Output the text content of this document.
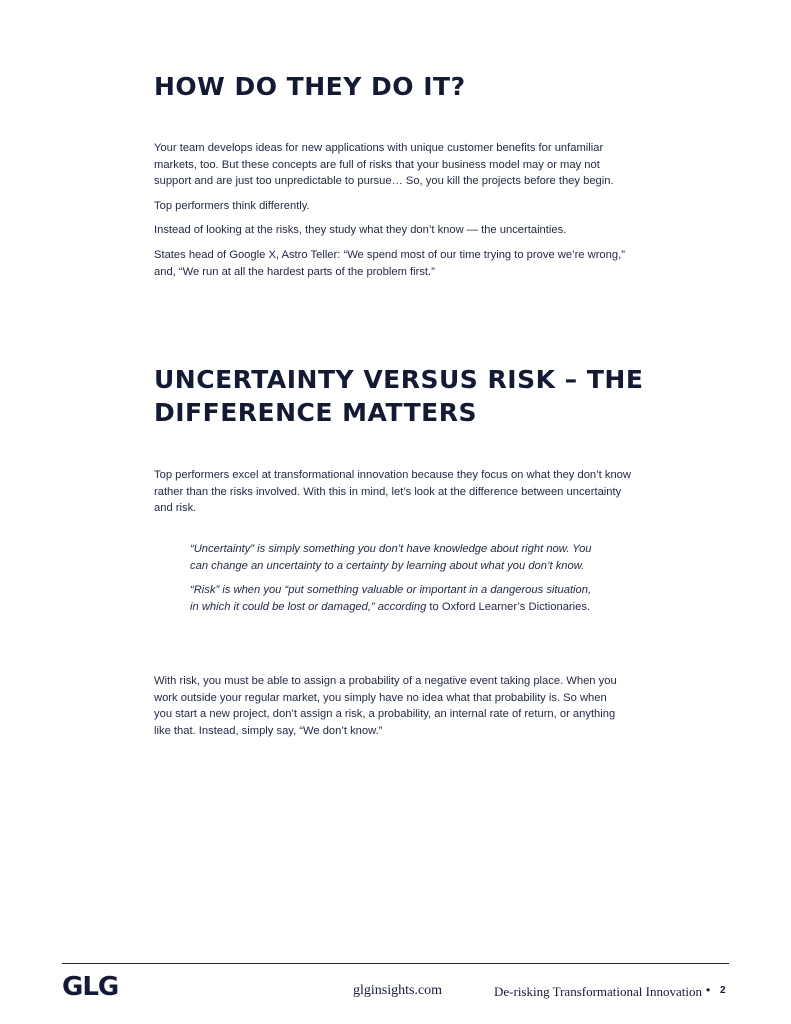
HOW DO THEY DO IT?

Your team develops ideas for new applications with unique customer benefits for unfamiliar markets, too. But these concepts are full of risks that your business model may or may not support and are just too unpredictable to pursue… So, you kill the projects before they begin.

Top performers think differently.

Instead of looking at the risks, they study what they don’t know — the uncertainties.

States head of Google X, Astro Teller: “We spend most of our time trying to prove we’re wrong,” and, “We run at all the hardest parts of the problem first.”

UNCERTAINTY VERSUS RISK – THE DIFFERENCE MATTERS

Top performers excel at transformational innovation because they focus on what they don’t know rather than the risks involved. With this in mind, let’s look at the difference between uncertainty and risk.

“Uncertainty” is simply something you don’t have knowledge about right now. You can change an uncertainty to a certainty by learning about what you don’t know.

“Risk” is when you “put something valuable or important in a dangerous situation, in which it could be lost or damaged,” according to Oxford Learner’s Dictionaries.

With risk, you must be able to assign a probability of a negative event taking place. When you work outside your regular market, you simply have no idea what that probability is. So when you start a new project, don’t assign a risk, a probability, an internal rate of return, or anything like that. Instead, simply say, “We don’t know.”

GLG	glginsights.com	De-risking Transformational Innovation • 2
